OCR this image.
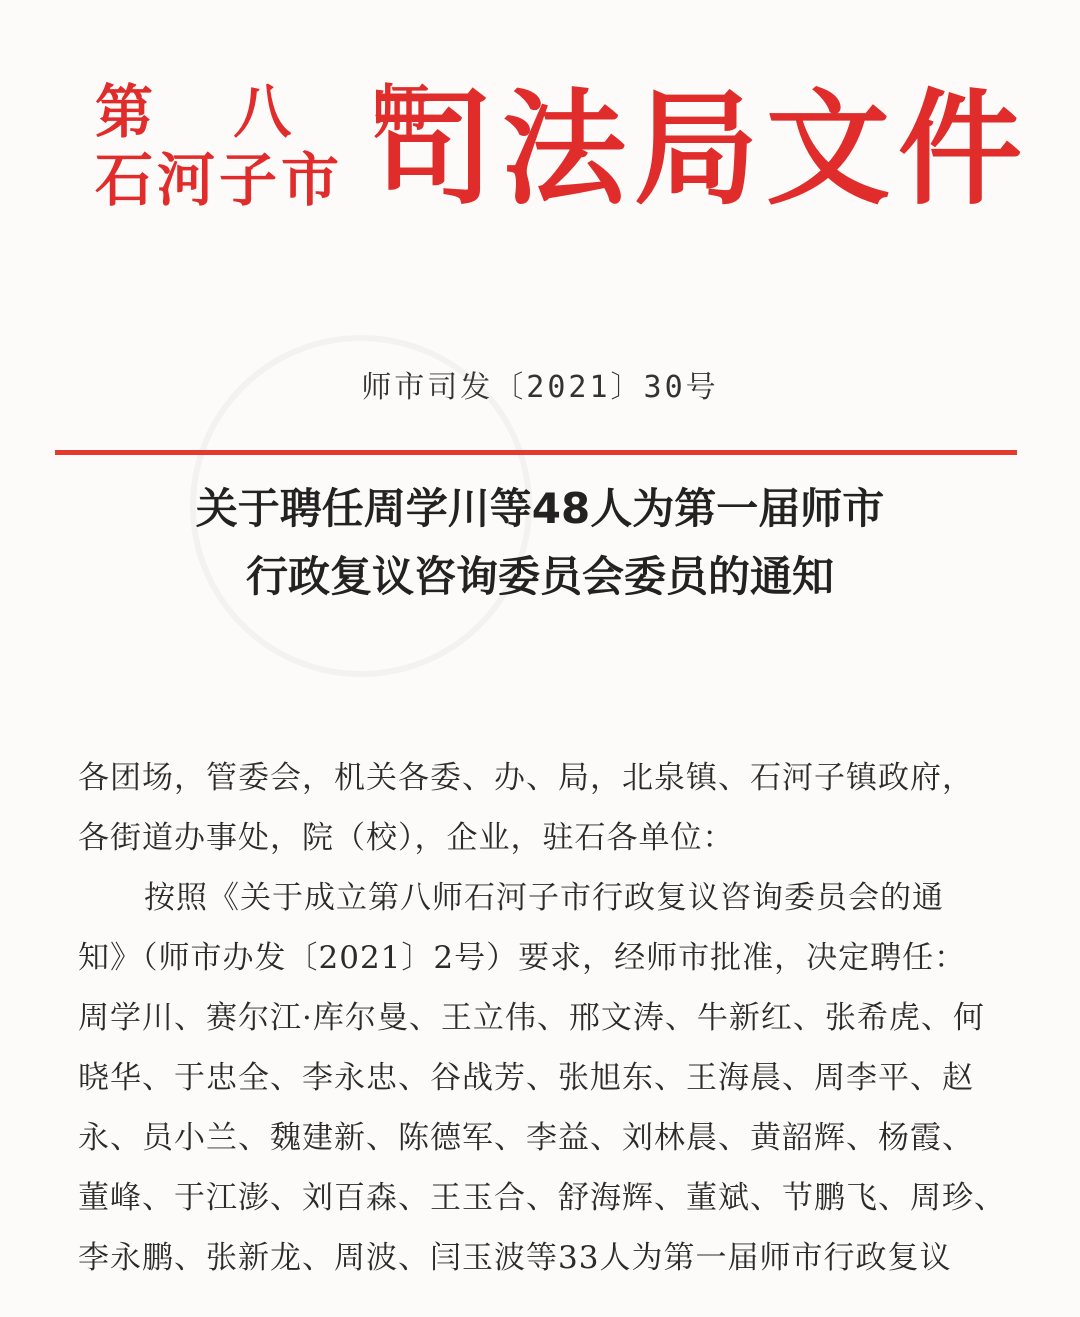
第 八 师
石河子市 司法局文件
师市司发〔2021〕30号
关于聘任周学川等48人为第一届师市
行政复议咨询委员会委员的通知
各团场，管委会，机关各委、办、局，北泉镇、石河子镇政府，
各街道办事处，院（校），企业，驻石各单位：
按照《关于成立第八师石河子市行政复议咨询委员会的通
知》（师市办发〔2021〕2号）要求，经师市批准，决定聘任：
周学川、赛尔江·库尔曼、王立伟、邢文涛、牛新红、张希虎、何
晓华、于忠全、李永忠、谷战芳、张旭东、王海晨、周李平、赵
永、员小兰、魏建新、陈德军、李益、刘林晨、黄韶辉、杨霞、
董峰、于江澎、刘百森、王玉合、舒海辉、董斌、节鹏飞、周珍、
李永鹏、张新龙、周波、闫玉波等33人为第一届师市行政复议
